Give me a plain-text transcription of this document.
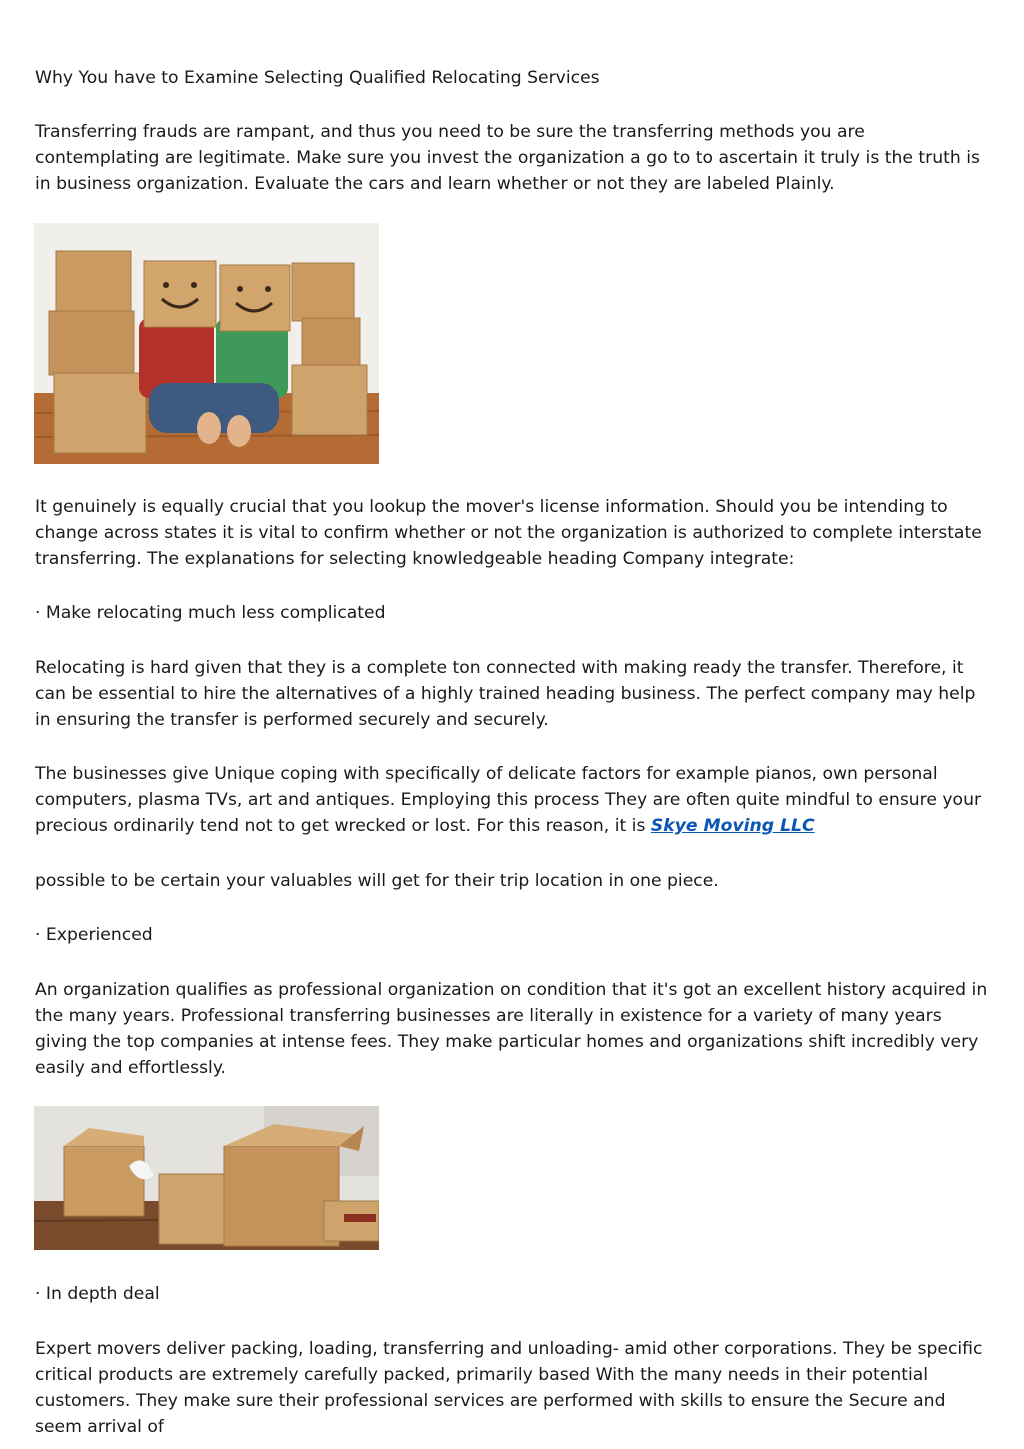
Why You have to Examine Selecting Qualified Relocating Services

Transferring frauds are rampant, and thus you need to be sure the transferring methods you are contemplating are legitimate. Make sure you invest the organization a go to to ascertain it truly is the truth is in business organization. Evaluate the cars and learn whether or not they are labeled Plainly.

It genuinely is equally crucial that you lookup the mover's license information. Should you be intending to change across states it is vital to confirm whether or not the organization is authorized to complete interstate transferring. The explanations for selecting knowledgeable heading Company integrate:

· Make relocating much less complicated

Relocating is hard given that they is a complete ton connected with making ready the transfer. Therefore, it can be essential to hire the alternatives of a highly trained heading business. The perfect company may help in ensuring the transfer is performed securely and securely.

The businesses give Unique coping with specifically of delicate factors for example pianos, own personal computers, plasma TVs, art and antiques. Employing this process They are often quite mindful to ensure your precious ordinarily tend not to get wrecked or lost. For this reason, it is Skye Moving LLC

possible to be certain your valuables will get for their trip location in one piece.

· Experienced

An organization qualifies as professional organization on condition that it's got an excellent history acquired in the many years. Professional transferring businesses are literally in existence for a variety of many years giving the top companies at intense fees. They make particular homes and organizations shift incredibly very easily and effortlessly.

· In depth deal

Expert movers deliver packing, loading, transferring and unloading- amid other corporations. They be specific critical products are extremely carefully packed, primarily based With the many needs in their potential customers. They make sure their professional services are performed with skills to ensure the Secure and seem arrival of
